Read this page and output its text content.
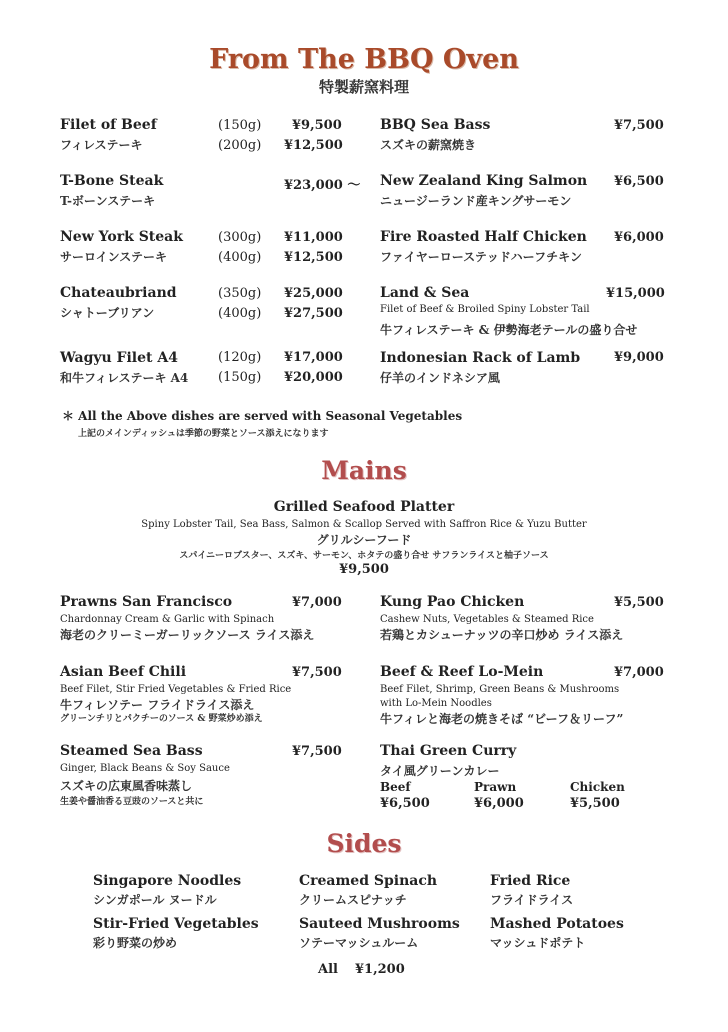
From The BBQ Oven
特製薪窯料理
Filet of Beef
フィレステーキ
(150g) ¥9,500
(200g) ¥12,500
T-Bone Steak
T-ボーンステーキ
¥23,000 ～
New York Steak
サーロインステーキ
(300g) ¥11,000
(400g) ¥12,500
Chateaubriand
シャトーブリアン
(350g) ¥25,000
(400g) ¥27,500
Wagyu Filet A4
和牛フィレステーキ A4
(120g) ¥17,000
(150g) ¥20,000
BBQ Sea Bass
スズキの薪窯焼き
¥7,500
New Zealand King Salmon
ニュージーランド産キングサーモン
¥6,500
Fire Roasted Half Chicken
ファイヤーローステッドハーフチキン
¥6,000
Land & Sea
Filet of Beef & Broiled Spiny Lobster Tail
牛フィレステーキ & 伊勢海老テールの盛り合せ
¥15,000
Indonesian Rack of Lamb
仔羊のインドネシア風
¥9,000
＊ All the Above dishes are served with Seasonal Vegetables
上記のメインディッシュは季節の野菜とソース添えになります
Mains
Grilled Seafood Platter
Spiny Lobster Tail, Sea Bass, Salmon & Scallop Served with Saffron Rice & Yuzu Butter
グリルシーフード
スパイニーロブスター、スズキ、サーモン、ホタテの盛り合せ サフランライスと柚子ソース
¥9,500
Prawns San Francisco	¥7,000
Chardonnay Cream & Garlic with Spinach
海老のクリーミーガーリックソース ライス添え
Kung Pao Chicken	¥5,500
Cashew Nuts, Vegetables & Steamed Rice
若鶏とカシューナッツの辛口炒め ライス添え
Asian Beef Chili	¥7,500
Beef Filet, Stir Fried Vegetables & Fried Rice
牛フィレソテー フライドライス添え
グリーンチリとパクチーのソース & 野菜炒め添え
Beef & Reef Lo-Mein	¥7,000
Beef Filet, Shrimp, Green Beans & Mushrooms
with Lo-Mein Noodles
牛フィレと海老の焼きそば “ビーフ＆リーフ”
Steamed Sea Bass	¥7,500
Ginger, Black Beans & Soy Sauce
スズキの広東風香味蒸し
生姜や醤油香る豆豉のソースと共に
Thai Green Curry
タイ風グリーンカレー
Beef
¥6,500
Prawn
¥6,000
Chicken
¥5,500
Sides
Singapore Noodles
シンガポール ヌードル
Creamed Spinach
クリームスピナッチ
Fried Rice
フライドライス
Stir-Fried Vegetables
彩り野菜の炒め
Sauteed Mushrooms
ソテーマッシュルーム
Mashed Potatoes
マッシュドポテト
All ¥1,200
